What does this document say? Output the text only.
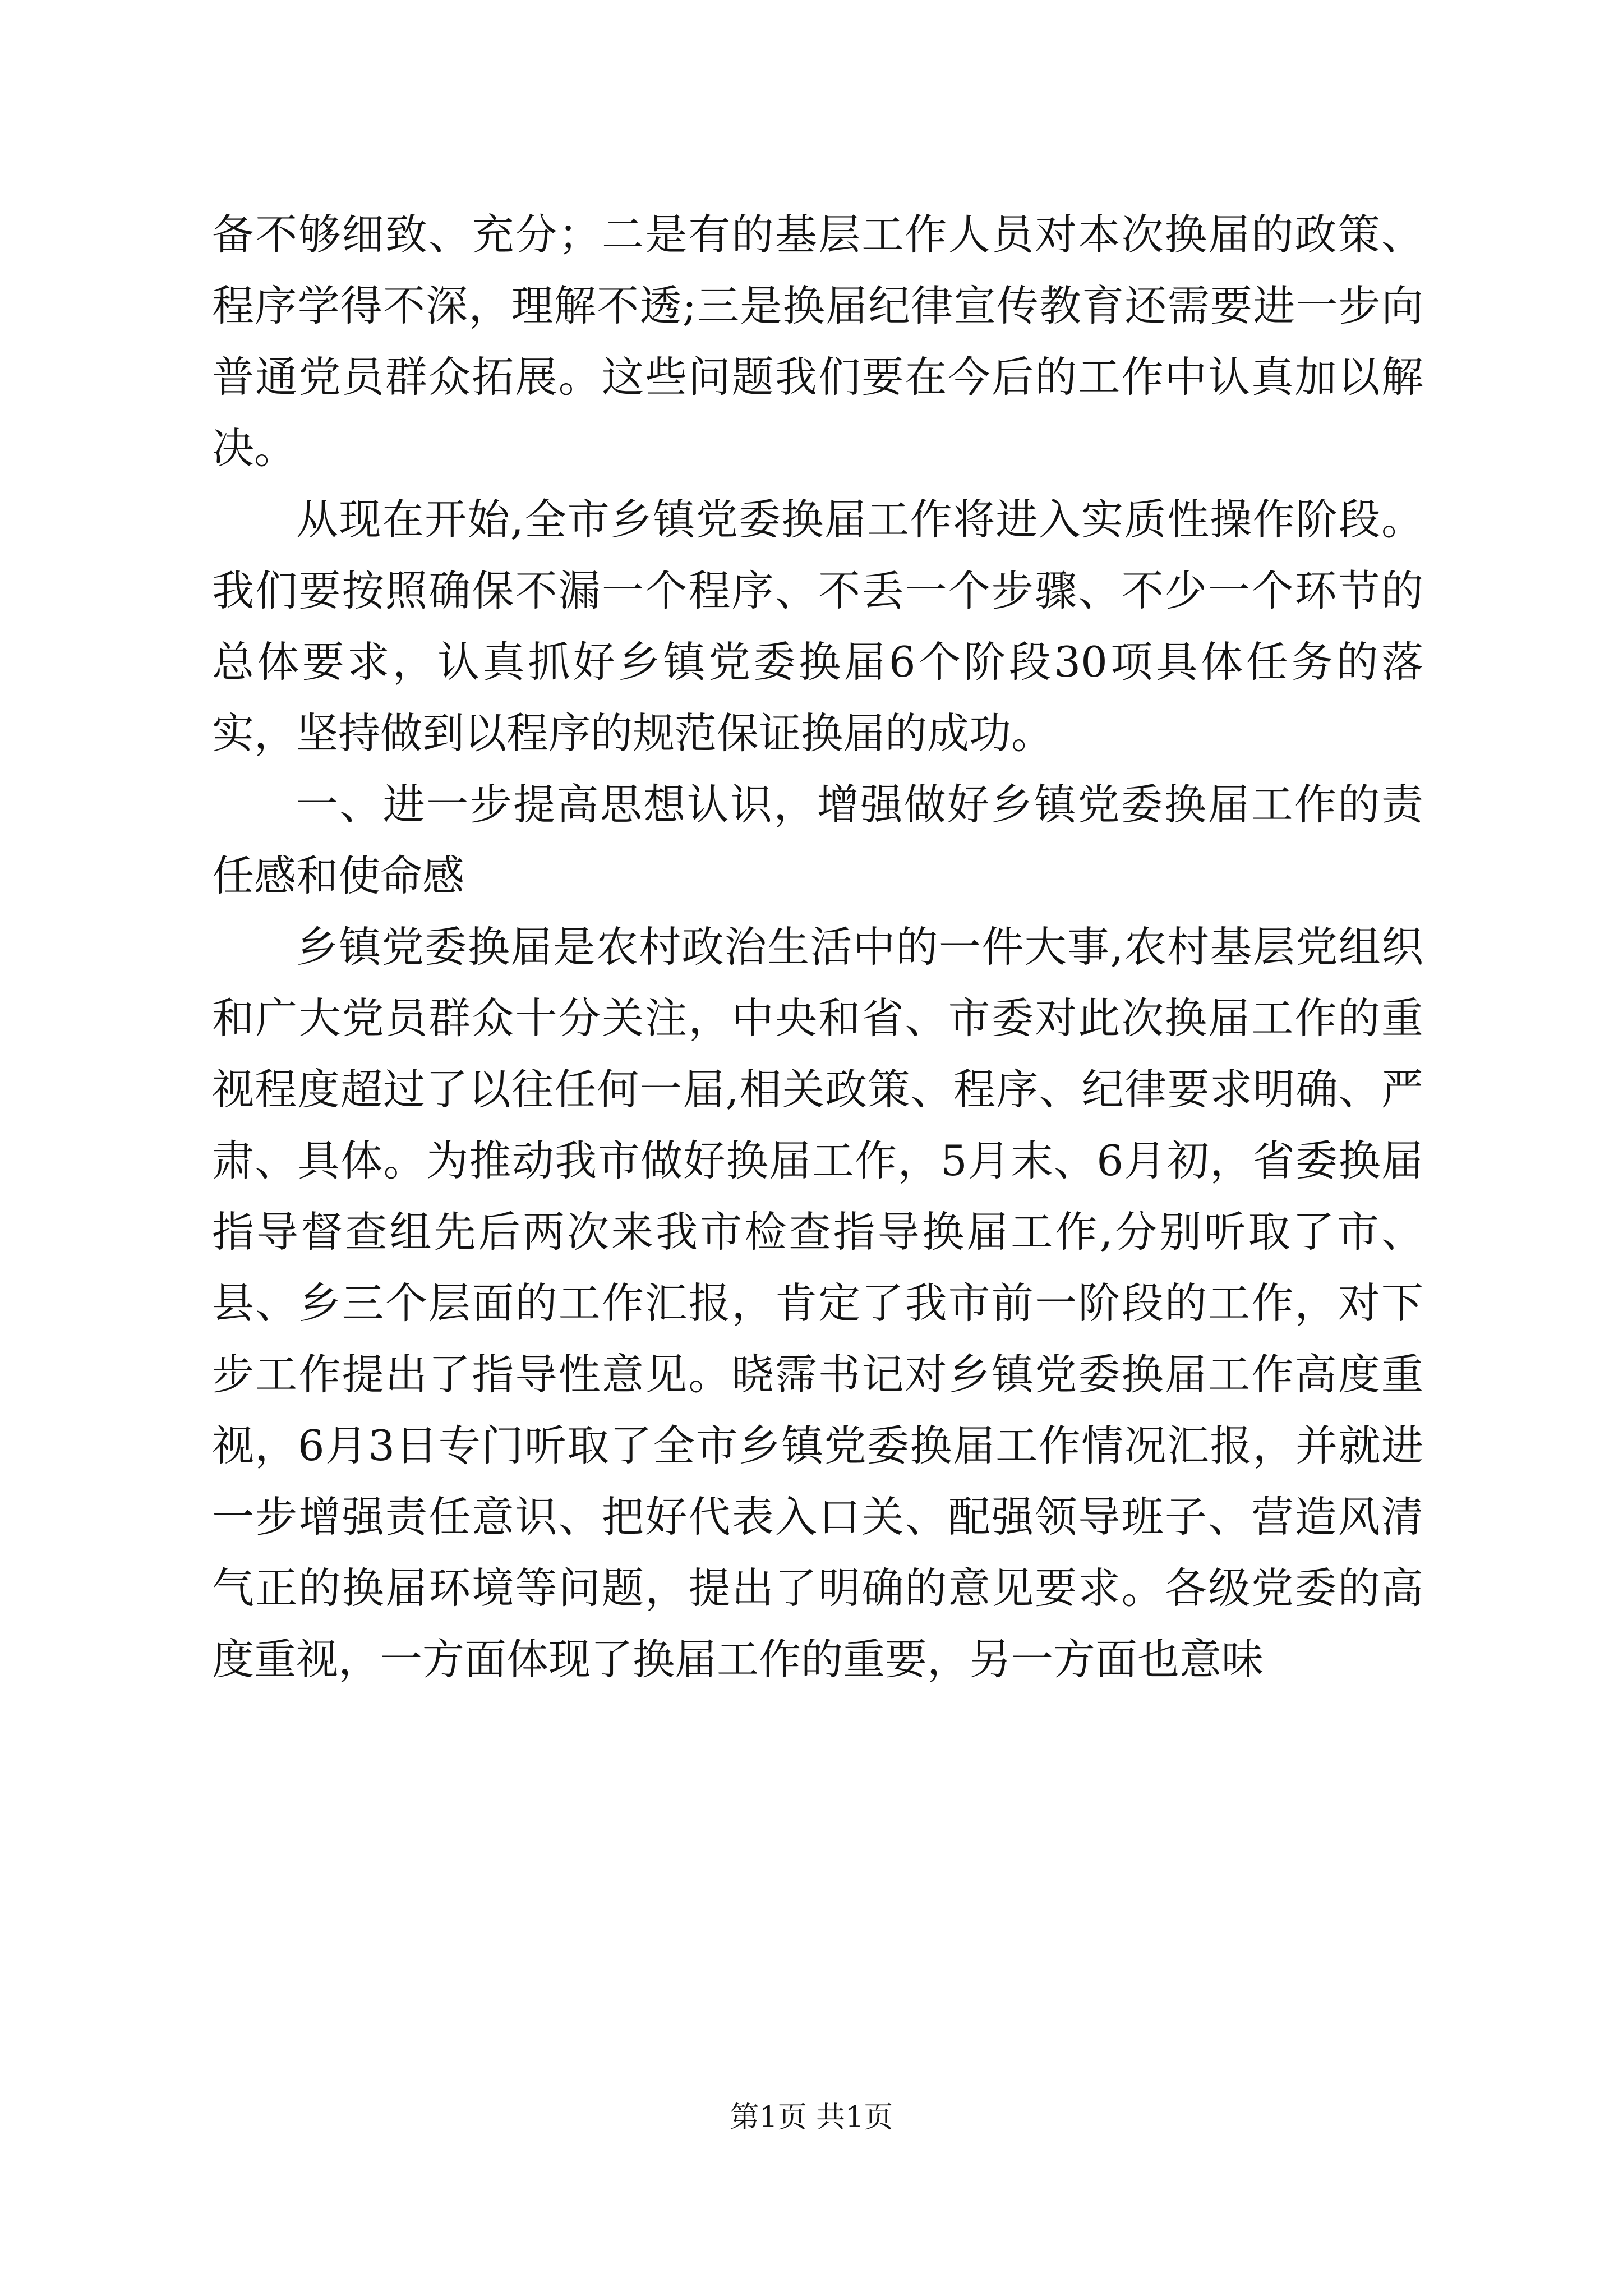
备不够细致、充分；二是有的基层工作人员对本次换届的政策、程序学得不深，理解不透;三是换届纪律宣传教育还需要进一步向普通党员群众拓展。这些问题我们要在今后的工作中认真加以解决。

从现在开始,全市乡镇党委换届工作将进入实质性操作阶段。我们要按照确保不漏一个程序、不丢一个步骤、不少一个环节的总体要求，认真抓好乡镇党委换届6个阶段30项具体任务的落实，坚持做到以程序的规范保证换届的成功。

一、进一步提高思想认识，增强做好乡镇党委换届工作的责任感和使命感

乡镇党委换届是农村政治生活中的一件大事,农村基层党组织和广大党员群众十分关注，中央和省、市委对此次换届工作的重视程度超过了以往任何一届,相关政策、程序、纪律要求明确、严肃、具体。为推动我市做好换届工作，5月末、6月初，省委换届指导督查组先后两次来我市检查指导换届工作,分别听取了市、县、乡三个层面的工作汇报，肯定了我市前一阶段的工作，对下步工作提出了指导性意见。晓霈书记对乡镇党委换届工作高度重视，6月3日专门听取了全市乡镇党委换届工作情况汇报，并就进一步增强责任意识、把好代表入口关、配强领导班子、营造风清气正的换届环境等问题，提出了明确的意见要求。各级党委的高度重视，一方面体现了换届工作的重要，另一方面也意味

第1页 共1页
